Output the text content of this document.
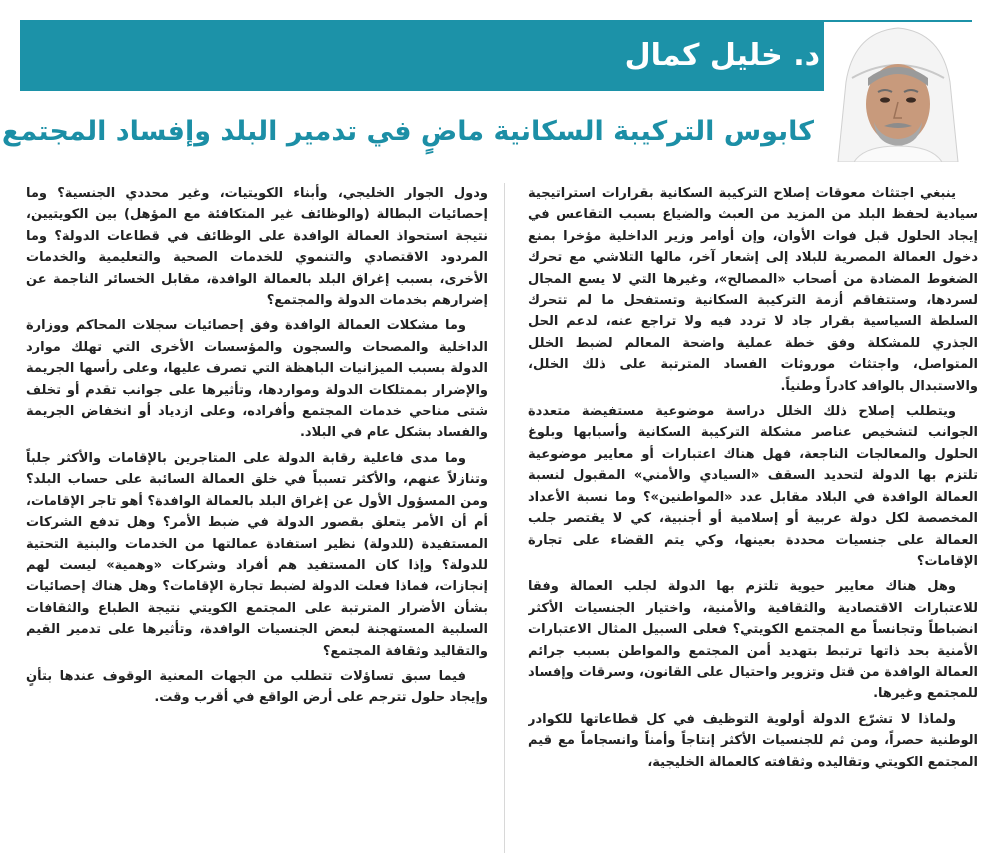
د. خليل كمال
كابوس التركيبة السكانية ماضٍ في تدمير البلد وإفساد المجتمع

ينبغي اجتثاث معوقات إصلاح التركيبة السكانية بقرارات استراتيجية سيادية لحفظ البلد من المزيد من العبث والضياع بسبب التقاعس في إيجاد الحلول قبل فوات الأوان، وإن أوامر وزير الداخلية مؤخرا بمنع دخول العمالة المصرية للبلاد إلى إشعار آخر، مالها التلاشي مع تحرك الضغوط المضادة من أصحاب «المصالح»، وغيرها التي لا يسع المجال لسردها، وستتفاقم أزمة التركيبة السكانية وتستفحل ما لم تتحرك السلطة السياسية بقرار جاد لا تردد فيه ولا تراجع عنه، لدعم الحل الجذري للمشكلة وفق خطة عملية واضحة المعالم لضبط الخلل المتواصل، واجتثاث موروثات الفساد المترتبة على ذلك الخلل، والاستبدال بالوافد كادراً وطنياً.

ويتطلب إصلاح ذلك الخلل دراسة موضوعية مستفيضة متعددة الجوانب لتشخيص عناصر مشكلة التركيبة السكانية وأسبابها وبلوغ الحلول والمعالجات الناجعة، فهل هناك اعتبارات أو معايير موضوعية تلتزم بها الدولة لتحديد السقف «السيادي والأمني» المقبول لنسبة العمالة الوافدة في البلاد مقابل عدد «المواطنين»؟ وما نسبة الأعداد المخصصة لكل دولة عربية أو إسلامية أو أجنبية، كي لا يقتصر جلب العمالة على جنسيات محددة بعينها، وكي يتم القضاء على تجارة الإقامات؟

وهل هناك معايير حيوية تلتزم بها الدولة لجلب العمالة وفقا للاعتبارات الاقتصادية والثقافية والأمنية، واختيار الجنسيات الأكثر انضباطاً وتجانساً مع المجتمع الكويتي؟ فعلى السبيل المثال الاعتبارات الأمنية بحد ذاتها ترتبط بتهديد أمن المجتمع والمواطن بسبب جرائم العمالة الوافدة من قتل وتزوير واحتيال على القانون، وسرقات وإفساد للمجتمع وغيرها.

ولماذا لا تشرّع الدولة أولوية التوظيف في كل قطاعاتها للكوادر الوطنية حصراً، ومن ثم للجنسيات الأكثر إنتاجاً وأمناً وانسجاماً مع قيم المجتمع الكويتي وتقاليده وثقافته كالعمالة الخليجية،

ودول الجوار الخليجي، وأبناء الكويتيات، وغير محددي الجنسية؟ وما إحصائيات البطالة (والوظائف غير المتكافئة مع المؤهل) بين الكويتيين، نتيجة استحواذ العمالة الوافدة على الوظائف في قطاعات الدولة؟ وما المردود الاقتصادي والتنموي للخدمات الصحية والتعليمية والخدمات الأخرى، بسبب إغراق البلد بالعمالة الوافدة، مقابل الخسائر الناجمة عن إضرارهم بخدمات الدولة والمجتمع؟

وما مشكلات العمالة الوافدة وفق إحصائيات سجلات المحاكم ووزارة الداخلية والمصحات والسجون والمؤسسات الأخرى التي تهلك موارد الدولة بسبب الميزانيات الباهظة التي تصرف عليها، وعلى رأسها الجريمة والإضرار بممتلكات الدولة ومواردها، وتأثيرها على جوانب تقدم أو تخلف شتى مناحي خدمات المجتمع وأفراده، وعلى ازدياد أو انخفاض الجريمة والفساد بشكل عام في البلاد.

وما مدى فاعلية رقابة الدولة على المتاجرين بالإقامات والأكثر جلباً وتنازلاً عنهم، والأكثر تسبباً في خلق العمالة السائبة على حساب البلد؟ ومن المسؤول الأول عن إغراق البلد بالعمالة الوافدة؟ أهو تاجر الإقامات، أم أن الأمر يتعلق بقصور الدولة في ضبط الأمر؟ وهل تدفع الشركات المستفيدة (للدولة) نظير استفادة عمالتها من الخدمات والبنية التحتية للدولة؟ وإذا كان المستفيد هم أفراد وشركات «وهمية» ليست لهم إنجازات، فماذا فعلت الدولة لضبط تجارة الإقامات؟ وهل هناك إحصائيات بشأن الأضرار المترتبة على المجتمع الكويتي نتيجة الطباع والثقافات السلبية المستهجنة لبعض الجنسيات الوافدة، وتأثيرها على تدمير القيم والتقاليد وثقافة المجتمع؟

فيما سبق تساؤلات تتطلب من الجهات المعنية الوقوف عندها بتأنٍ وإيجاد حلول تترجم على أرض الواقع في أقرب وقت.
